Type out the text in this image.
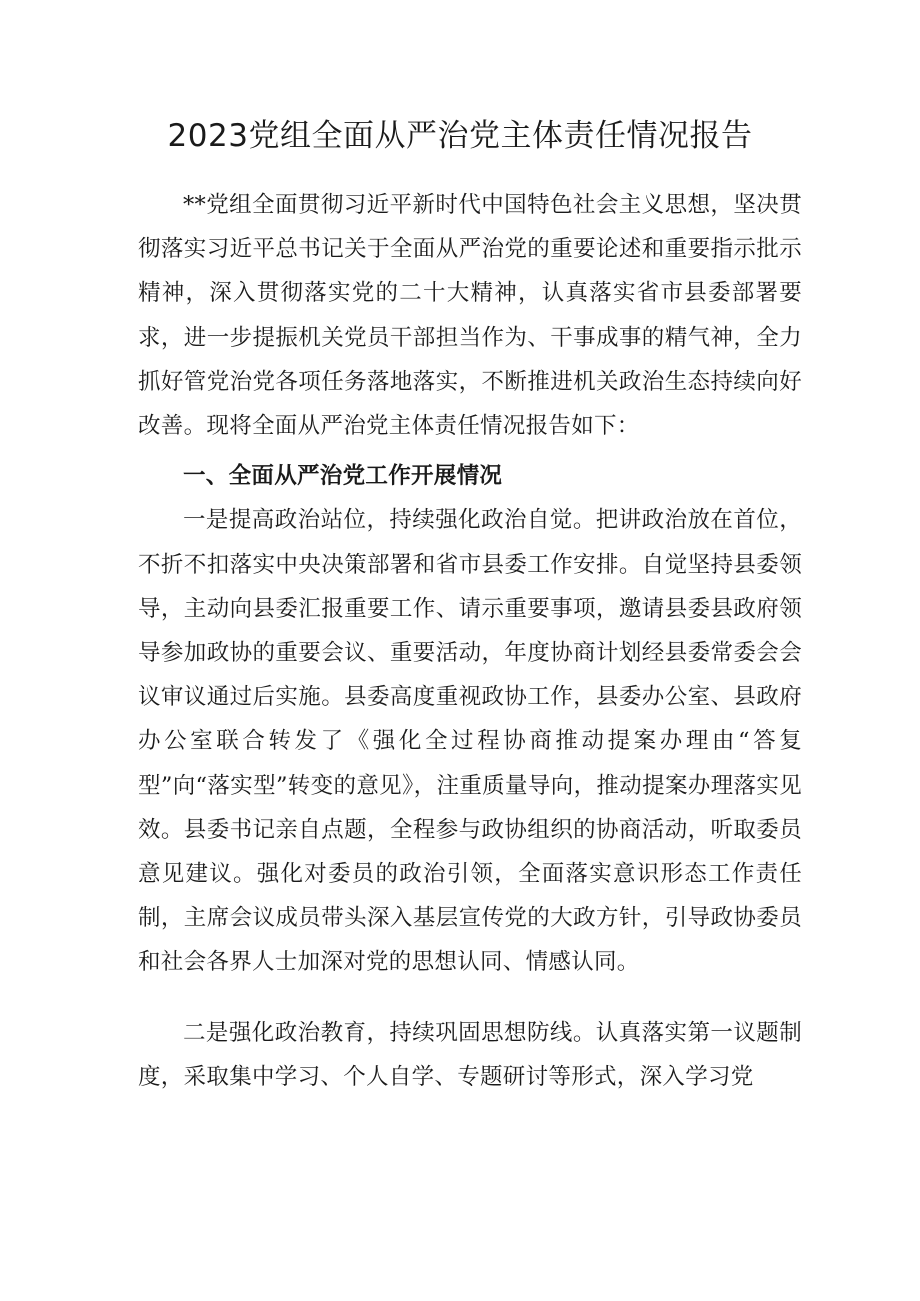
2023党组全面从严治党主体责任情况报告

**党组全面贯彻习近平新时代中国特色社会主义思想，坚决贯彻落实习近平总书记关于全面从严治党的重要论述和重要指示批示精神，深入贯彻落实党的二十大精神，认真落实省市县委部署要求，进一步提振机关党员干部担当作为、干事成事的精气神，全力抓好管党治党各项任务落地落实，不断推进机关政治生态持续向好改善。现将全面从严治党主体责任情况报告如下：

一、全面从严治党工作开展情况

一是提高政治站位，持续强化政治自觉。把讲政治放在首位，不折不扣落实中央决策部署和省市县委工作安排。自觉坚持县委领导，主动向县委汇报重要工作、请示重要事项，邀请县委县政府领导参加政协的重要会议、重要活动，年度协商计划经县委常委会会议审议通过后实施。县委高度重视政协工作，县委办公室、县政府办公室联合转发了《强化全过程协商推动提案办理由“答复型”向“落实型”转变的意见》，注重质量导向，推动提案办理落实见效。县委书记亲自点题，全程参与政协组织的协商活动，听取委员意见建议。强化对委员的政治引领，全面落实意识形态工作责任制，主席会议成员带头深入基层宣传党的大政方针，引导政协委员和社会各界人士加深对党的思想认同、情感认同。

二是强化政治教育，持续巩固思想防线。认真落实第一议题制度，采取集中学习、个人自学、专题研讨等形式，深入学习党
